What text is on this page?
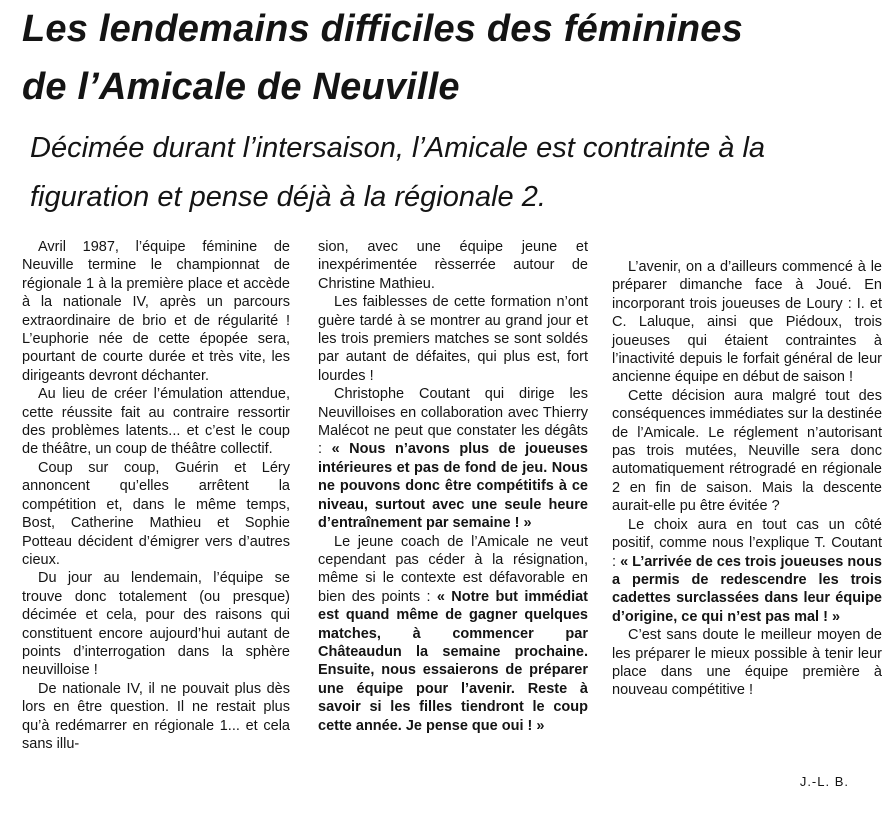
Les lendemains difficiles des féminines
de l’Amicale de Neuville
Décimée durant l’intersaison, l’Amicale est contrainte à la
figuration et pense déjà à la régionale 2.

Avril 1987, l’équipe féminine de Neuville termine le championnat de régionale 1 à la première place et accède à la nationale IV, après un parcours extraordinaire de brio et de régularité ! L’euphorie née de cette épopée sera, pourtant de courte durée et très vite, les dirigeants devront déchanter.

Au lieu de créer l’émulation attendue, cette réussite fait au contraire ressortir des problèmes latents... et c’est le coup de théâtre, un coup de théâtre collectif.

Coup sur coup, Guérin et Léry annoncent qu’elles arrêtent la compétition et, dans le même temps, Bost, Catherine Mathieu et Sophie Potteau décident d’émigrer vers d’autres cieux.

Du jour au lendemain, l’équipe se trouve donc totalement (ou presque) décimée et cela, pour des raisons qui constituent encore aujourd’hui autant de points d’interrogation dans la sphère neuvilloise !

De nationale IV, il ne pouvait plus dès lors en être question. Il ne restait plus qu’à redémarrer en régionale 1... et cela sans illu-

sion, avec une équipe jeune et inexpérimentée rèsserrée autour de Christine Mathieu.

Les faiblesses de cette formation n’ont guère tardé à se montrer au grand jour et les trois premiers matches se sont soldés par autant de défaites, qui plus est, fort lourdes !

Christophe Coutant qui dirige les Neuvilloises en collaboration avec Thierry Malécot ne peut que constater les dégâts : « Nous n’avons plus de joueuses intérieures et pas de fond de jeu. Nous ne pouvons donc être compétitifs à ce niveau, surtout avec une seule heure d’entraînement par semaine ! »

Le jeune coach de l’Amicale ne veut cependant pas céder à la résignation, même si le contexte est défavorable en bien des points : « Notre but immédiat est quand même de gagner quelques matches, à commencer par Châteaudun la semaine prochaine. Ensuite, nous essaierons de préparer une équipe pour l’avenir. Reste à savoir si les filles tiendront le coup cette année. Je pense que oui ! »

L’avenir, on a d’ailleurs commencé à le préparer dimanche face à Joué. En incorporant trois joueuses de Loury : I. et C. Laluque, ainsi que Piédoux, trois joueuses qui étaient contraintes à l’inactivité depuis le forfait général de leur ancienne équipe en début de saison !

Cette décision aura malgré tout des conséquences immédiates sur la destinée de l’Amicale. Le réglement n’autorisant pas trois mutées, Neuville sera donc automatiquement rétrogradé en régionale 2 en fin de saison. Mais la descente aurait-elle pu être évitée ?

Le choix aura en tout cas un côté positif, comme nous l’explique T. Coutant : « L’arrivée de ces trois joueuses nous a permis de redescendre les trois cadettes surclassées dans leur équipe d’origine, ce qui n’est pas mal ! »

C’est sans doute le meilleur moyen de les préparer le mieux possible à tenir leur place dans une équipe première à nouveau compétitive !

J.-L. B.
